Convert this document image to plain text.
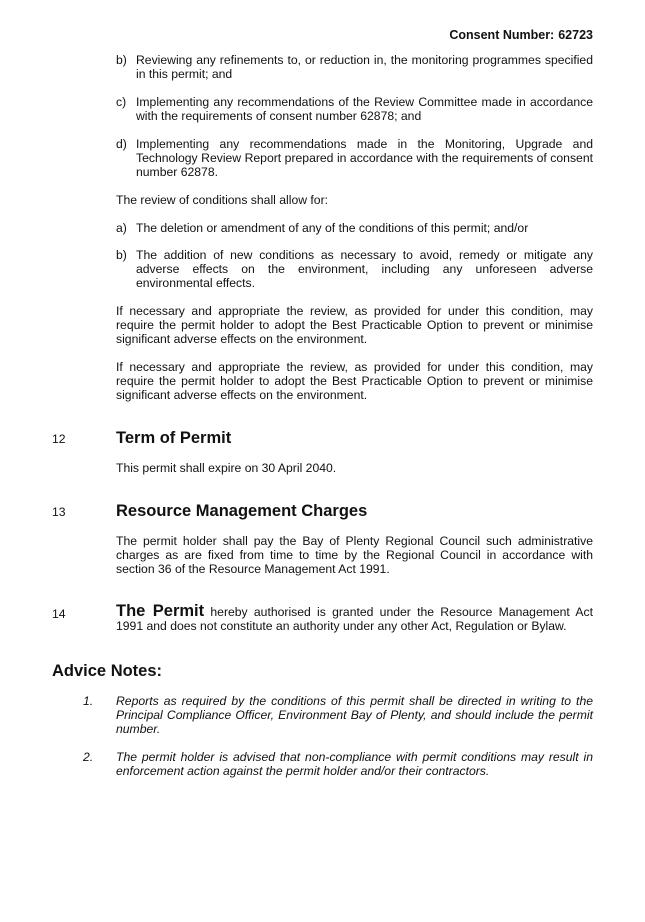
Consent Number: 62723
b) Reviewing any refinements to, or reduction in, the monitoring programmes specified in this permit; and
c) Implementing any recommendations of the Review Committee made in accordance with the requirements of consent number 62878; and
d) Implementing any recommendations made in the Monitoring, Upgrade and Technology Review Report prepared in accordance with the requirements of consent number 62878.
The review of conditions shall allow for:
a) The deletion or amendment of any of the conditions of this permit; and/or
b) The addition of new conditions as necessary to avoid, remedy or mitigate any adverse effects on the environment, including any unforeseen adverse environmental effects.
If necessary and appropriate the review, as provided for under this condition, may require the permit holder to adopt the Best Practicable Option to prevent or minimise significant adverse effects on the environment.
If necessary and appropriate the review, as provided for under this condition, may require the permit holder to adopt the Best Practicable Option to prevent or minimise significant adverse effects on the environment.
12	Term of Permit
This permit shall expire on 30 April 2040.
13	Resource Management Charges
The permit holder shall pay the Bay of Plenty Regional Council such administrative charges as are fixed from time to time by the Regional Council in accordance with section 36 of the Resource Management Act 1991.
14	The Permit hereby authorised is granted under the Resource Management Act 1991 and does not constitute an authority under any other Act, Regulation or Bylaw.
Advice Notes:
1.	Reports as required by the conditions of this permit shall be directed in writing to the Principal Compliance Officer, Environment Bay of Plenty, and should include the permit number.
2.	The permit holder is advised that non-compliance with permit conditions may result in enforcement action against the permit holder and/or their contractors.
